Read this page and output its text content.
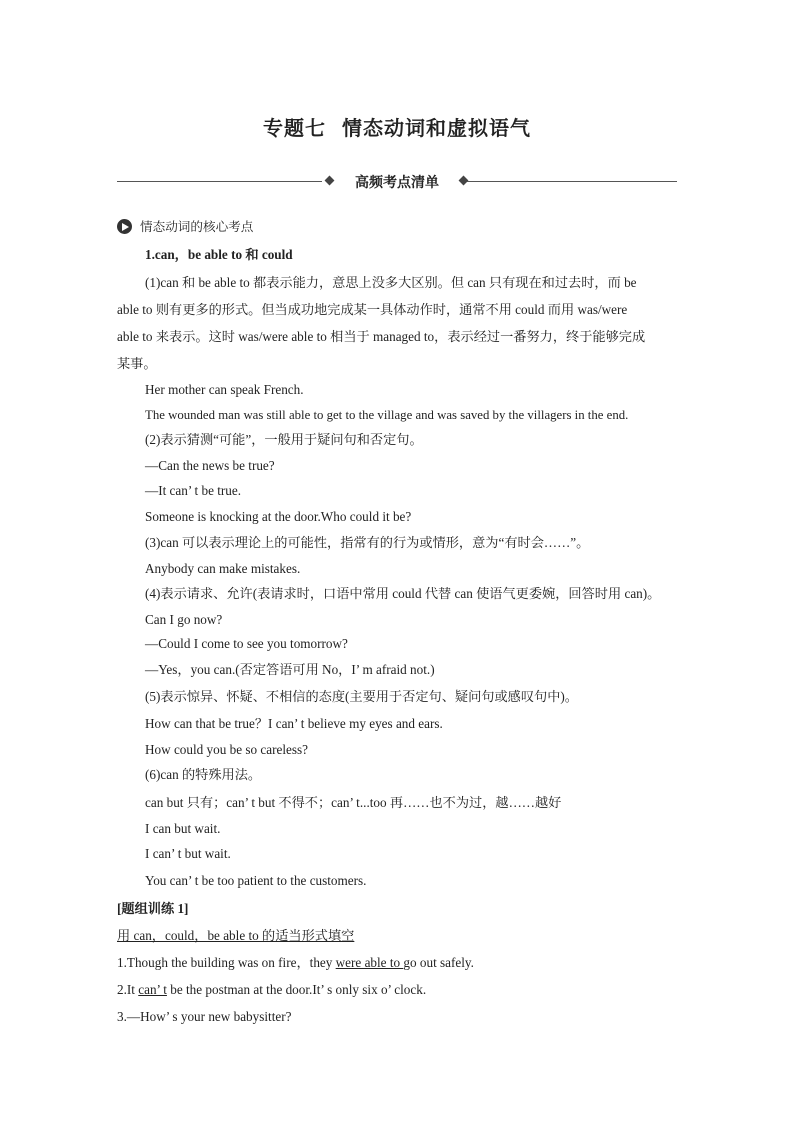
专题七 情态动词和虚拟语气
高频考点清单
情态动词的核心考点
1.can，be able to 和 could
(1)can 和 be able to 都表示能力，意思上没多大区别。但 can 只有现在和过去时，而 be
able to 则有更多的形式。但当成功地完成某一具体动作时，通常不用 could 而用 was/were
able to 来表示。这时 was/were able to 相当于 managed to，表示经过一番努力，终于能够完成
某事。
Her mother can speak French.
The wounded man was still able to get to the village and was saved by the villagers in the end.
(2)表示猜测“可能”，一般用于疑问句和否定句。
—Can the news be true?
—It can’ t be true.
Someone is knocking at the door.Who could it be?
(3)can 可以表示理论上的可能性，指常有的行为或情形，意为“有时会……”。
Anybody can make mistakes.
(4)表示请求、允许(表请求时，口语中常用 could 代替 can 使语气更委婉，回答时用 can)。
Can I go now?
—Could I come to see you tomorrow?
—Yes，you can.(否定答语可用 No，I’ m afraid not.)
(5)表示惊异、怀疑、不相信的态度(主要用于否定句、疑问句或感叹句中)。
How can that be true？I can’ t believe my eyes and ears.
How could you be so careless?
(6)can 的特殊用法。
can but 只有；can’ t but 不得不；can’ t...too 再……也不为过，越……越好
I can but wait.
I can’ t but wait.
You can’ t be too patient to the customers.
[题组训练 1]
用 can，could，be able to 的适当形式填空
1.Though the building was on fire，they were able to go out safely.
2.It can’ t be the postman at the door.It’ s only six o’ clock.
3.—How’ s your new babysitter?
